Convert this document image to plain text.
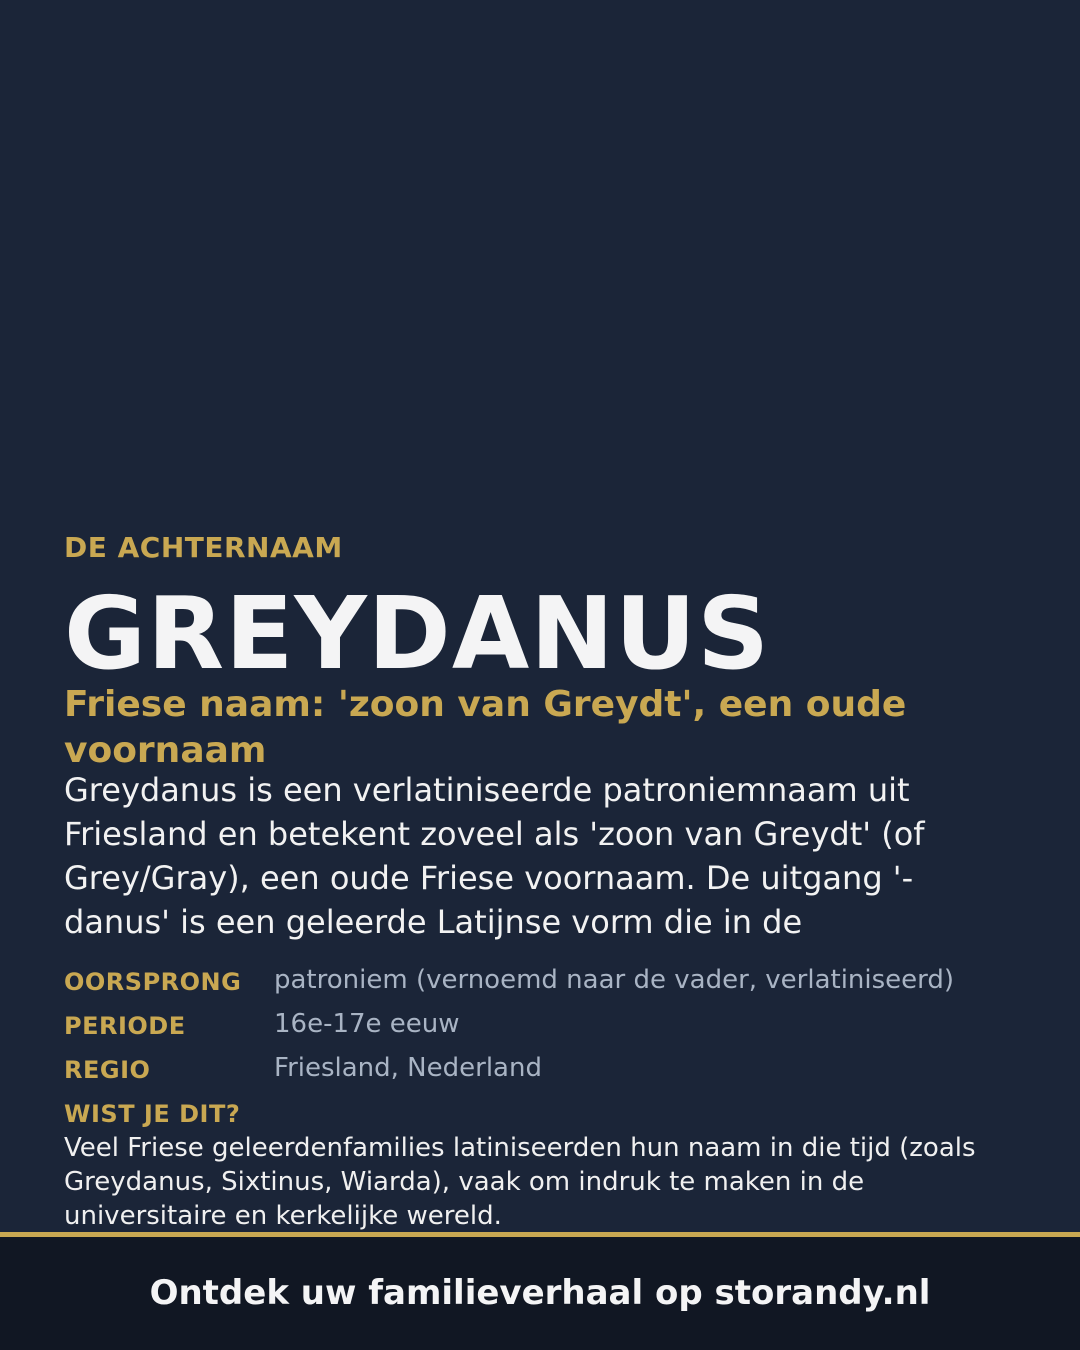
DE ACHTERNAAM
GREYDANUS
Friese naam: 'zoon van Greydt', een oude voornaam
Greydanus is een verlatiniseerde patroniemnaam uit Friesland en betekent zoveel als 'zoon van Greydt' (of Grey/Gray), een oude Friese voornaam. De uitgang '-danus' is een geleerde Latijnse vorm die in de
OORSPRONG patroniem (vernoemd naar de vader, verlatiniseerd)
PERIODE	16e-17e eeuw
REGIO	Friesland, Nederland
WIST JE DIT?
Veel Friese geleerdenfamilies latiniseerden hun naam in die tijd (zoals Greydanus, Sixtinus, Wiarda), vaak om indruk te maken in de universitaire en kerkelijke wereld.
Ontdek uw familieverhaal op storandy.nl
